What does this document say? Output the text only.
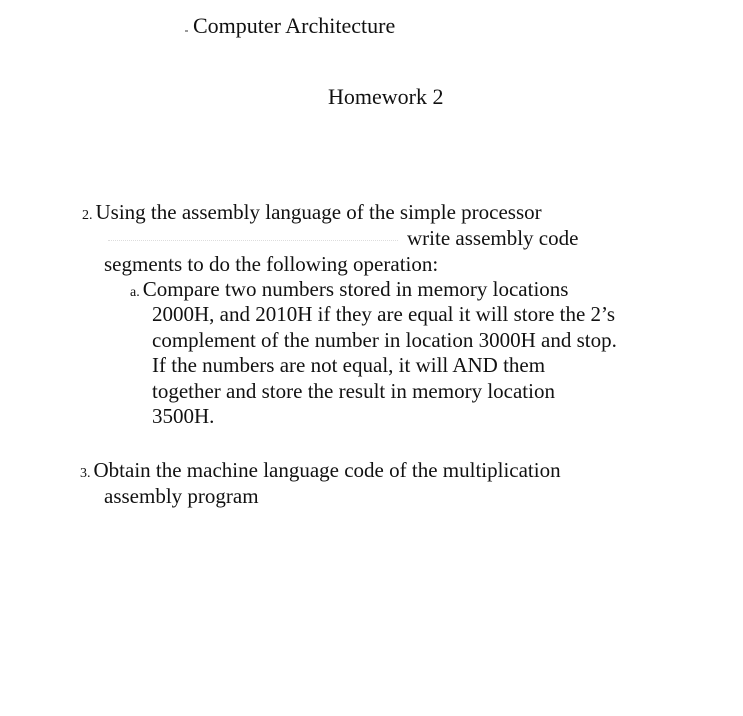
Computer Architecture
Homework 2
2. Using the assembly language of the simple processor
write assembly code
segments to do the following operation:
a. Compare two numbers stored in memory locations
2000H, and 2010H if they are equal it will store the 2’s
complement of the number in location 3000H and stop.
If the numbers are not equal, it will AND them
together and store the result in memory location
3500H.
3. Obtain the machine language code of the multiplication
assembly program
